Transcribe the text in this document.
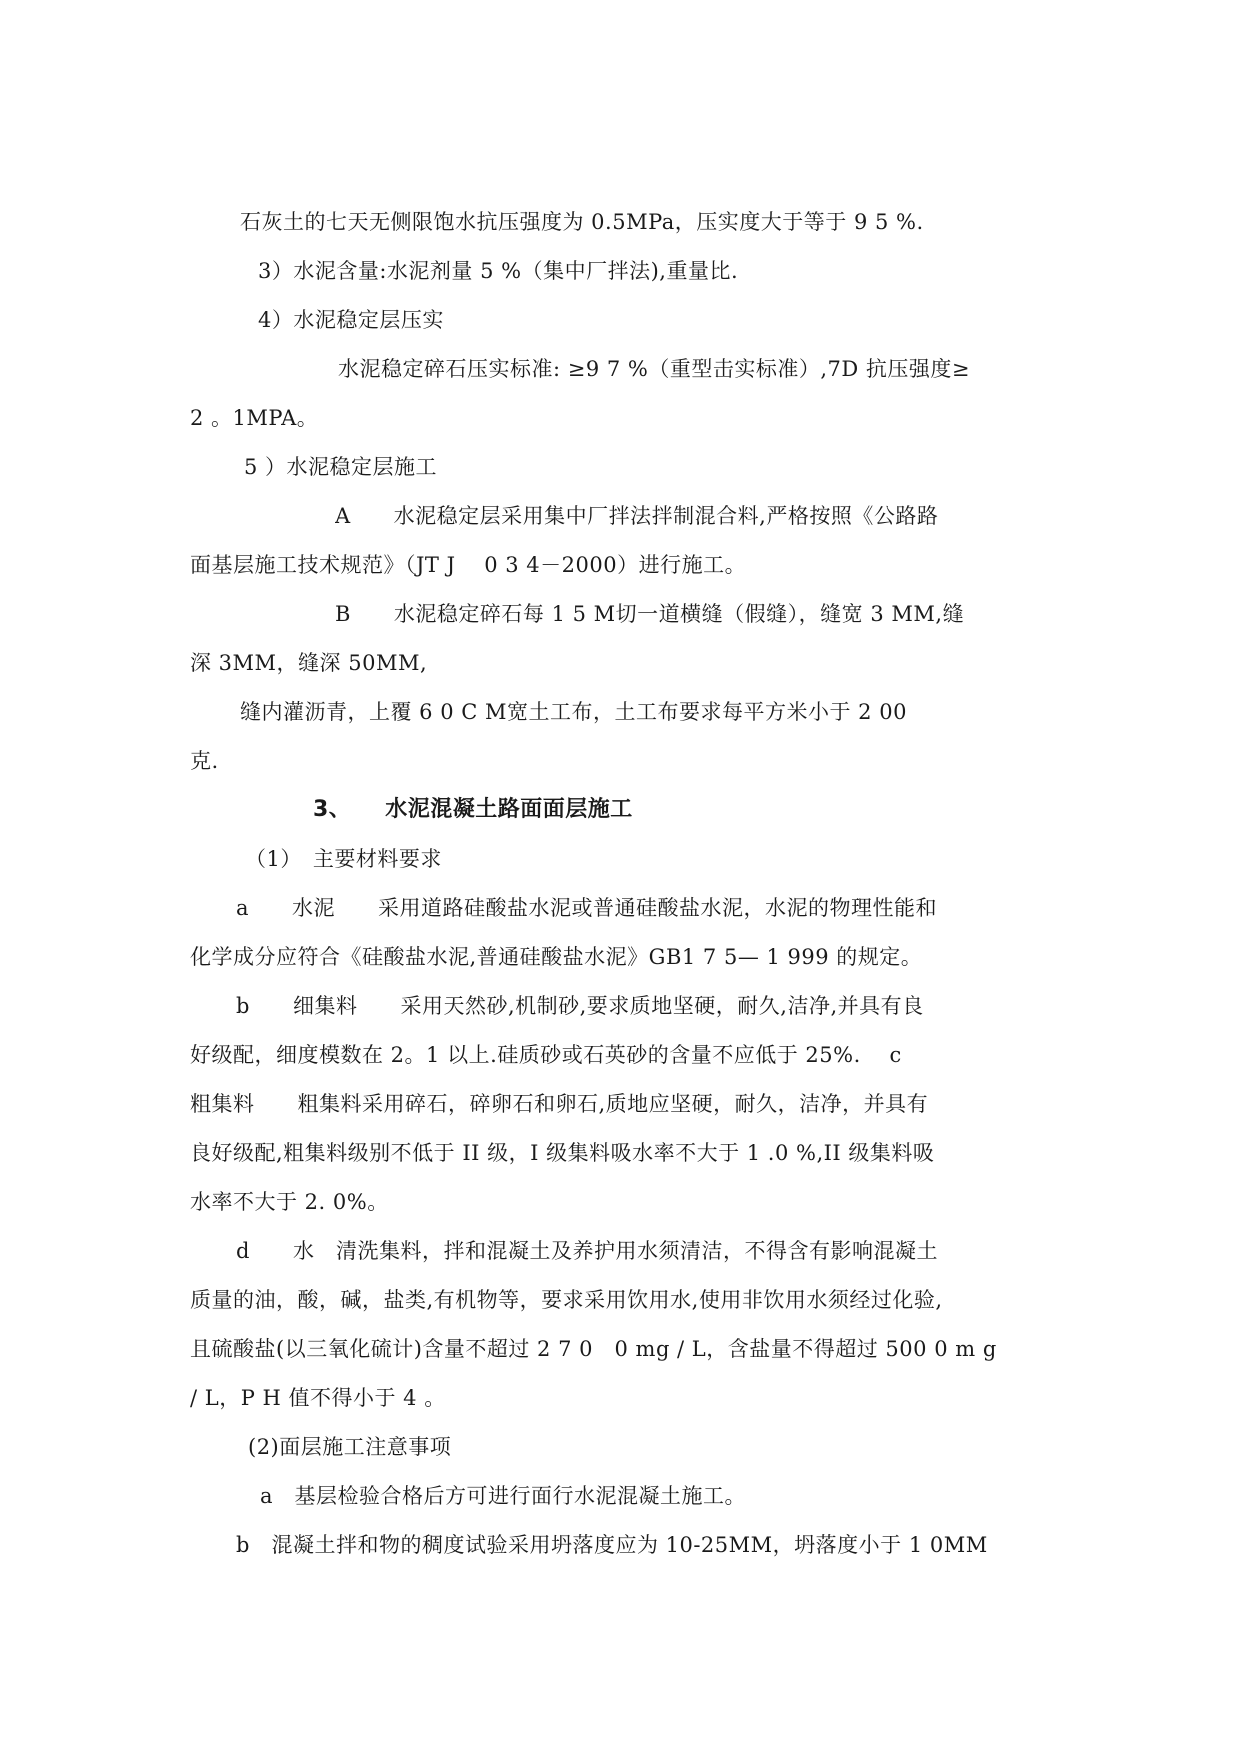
石灰土的七天无侧限饱水抗压强度为 0.5MPa，压实度大于等于 9 5 %.
3）水泥含量:水泥剂量 5 %（集中厂拌法),重量比.
4）水泥稳定层压实
水泥稳定碎石压实标准: ≥9 7 %（重型击实标准）,7D 抗压强度≥
2 。1MPA。
5 ）水泥稳定层施工
A　　水泥稳定层采用集中厂拌法拌制混合料,严格按照《公路路
面基层施工技术规范》（JT J　 0 3 4－2000）进行施工。
B　　水泥稳定碎石每 1 5 M切一道横缝（假缝），缝宽 3 MM,缝
深 3MM，缝深 50MM,
缝内灌沥青，上覆 6 0 C M宽土工布，土工布要求每平方米小于 2 00
克.
3、　　水泥混凝土路面面层施工
（1）　主要材料要求
a　　水泥　　采用道路硅酸盐水泥或普通硅酸盐水泥，水泥的物理性能和
化学成分应符合《硅酸盐水泥,普通硅酸盐水泥》GB1 7 5— 1 999 的规定。
b　　细集料　　采用天然砂,机制砂,要求质地坚硬，耐久,洁净,并具有良
好级配，细度模数在 2。1 以上.硅质砂或石英砂的含量不应低于 25%.　 c
粗集料　　粗集料采用碎石，碎卵石和卵石,质地应坚硬，耐久，洁净，并具有
良好级配,粗集料级别不低于 II 级，I 级集料吸水率不大于 1 .0 %,II 级集料吸
水率不大于 2. 0%。
d　　水　清洗集料，拌和混凝土及养护用水须清洁，不得含有影响混凝土
质量的油，酸，碱，盐类,有机物等，要求采用饮用水,使用非饮用水须经过化验,
且硫酸盐(以三氧化硫计)含量不超过 2 7 0　0 mg / L，含盐量不得超过 500 0 m g
/ L，P H 值不得小于 4 。
(2)面层施工注意事项
a　基层检验合格后方可进行面行水泥混凝土施工。
b　混凝土拌和物的稠度试验采用坍落度应为 10-25MM，坍落度小于 1 0MM
